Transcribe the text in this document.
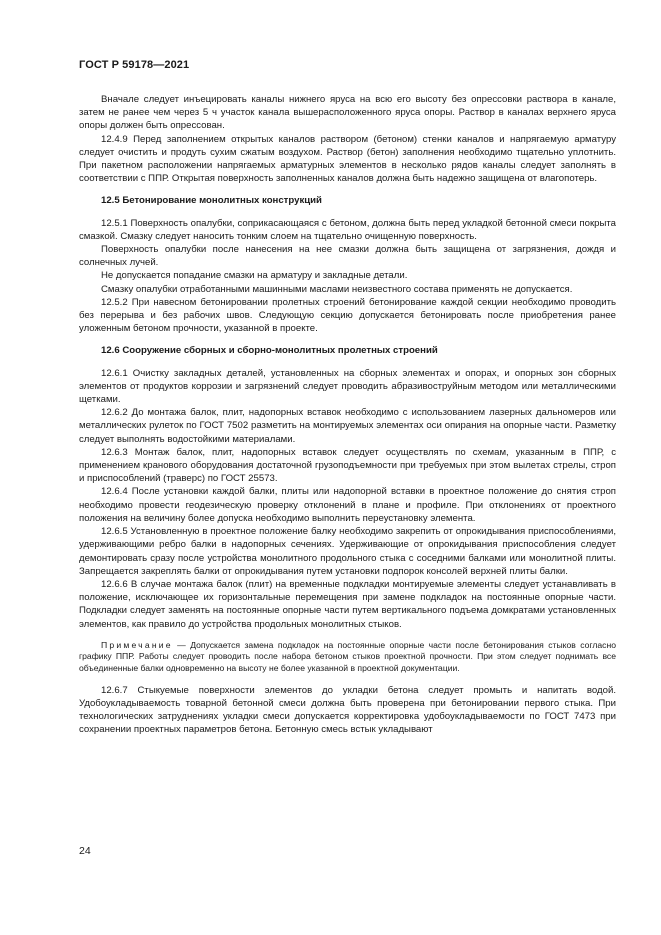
ГОСТ Р 59178—2021

Вначале следует инъецировать каналы нижнего яруса на всю его высоту без опрессовки раствора в канале, затем не ранее чем через 5 ч участок канала вышерасположенного яруса опоры. Раствор в каналах верхнего яруса опоры должен быть опрессован.

12.4.9 Перед заполнением открытых каналов раствором (бетоном) стенки каналов и напрягаемую арматуру следует очистить и продуть сухим сжатым воздухом. Раствор (бетон) заполнения необходимо тщательно уплотнить. При пакетном расположении напрягаемых арматурных элементов в несколько рядов каналы следует заполнять в соответствии с ППР. Открытая поверхность заполненных каналов должна быть надежно защищена от влагопотерь.

12.5 Бетонирование монолитных конструкций

12.5.1 Поверхность опалубки, соприкасающаяся с бетоном, должна быть перед укладкой бетонной смеси покрыта смазкой. Смазку следует наносить тонким слоем на тщательно очищенную поверхность.

Поверхность опалубки после нанесения на нее смазки должна быть защищена от загрязнения, дождя и солнечных лучей.

Не допускается попадание смазки на арматуру и закладные детали.

Смазку опалубки отработанными машинными маслами неизвестного состава применять не допускается.

12.5.2 При навесном бетонировании пролетных строений бетонирование каждой секции необходимо проводить без перерыва и без рабочих швов. Следующую секцию допускается бетонировать после приобретения ранее уложенным бетоном прочности, указанной в проекте.

12.6 Сооружение сборных и сборно-монолитных пролетных строений

12.6.1 Очистку закладных деталей, установленных на сборных элементах и опорах, и опорных зон сборных элементов от продуктов коррозии и загрязнений следует проводить абразивоструйным методом или металлическими щетками.

12.6.2 До монтажа балок, плит, надопорных вставок необходимо с использованием лазерных дальномеров или металлических рулеток по ГОСТ 7502 разметить на монтируемых элементах оси опирания на опорные части. Разметку следует выполнять водостойкими материалами.

12.6.3 Монтаж балок, плит, надопорных вставок следует осуществлять по схемам, указанным в ППР, с применением кранового оборудования достаточной грузоподъемности при требуемых при этом вылетах стрелы, строп и приспособлений (траверс) по ГОСТ 25573.

12.6.4 После установки каждой балки, плиты или надопорной вставки в проектное положение до снятия строп необходимо провести геодезическую проверку отклонений в плане и профиле. При отклонениях от проектного положения на величину более допуска необходимо выполнить переустановку элемента.

12.6.5 Установленную в проектное положение балку необходимо закрепить от опрокидывания приспособлениями, удерживающими ребро балки в надопорных сечениях. Удерживающие от опрокидывания приспособления следует демонтировать сразу после устройства монолитного продольного стыка с соседними балками или монолитной плиты. Запрещается закреплять балки от опрокидывания путем установки подпорок консолей верхней плиты балки.

12.6.6 В случае монтажа балок (плит) на временные подкладки монтируемые элементы следует устанавливать в положение, исключающее их горизонтальные перемещения при замене подкладок на постоянные опорные части. Подкладки следует заменять на постоянные опорные части путем вертикального подъема домкратами установленных элементов, как правило до устройства продольных монолитных стыков.

Примечание — Допускается замена подкладок на постоянные опорные части после бетонирования стыков согласно графику ППР. Работы следует проводить после набора бетоном стыков проектной прочности. При этом следует поднимать все объединенные балки одновременно на высоту не более указанной в проектной документации.

12.6.7 Стыкуемые поверхности элементов до укладки бетона следует промыть и напитать водой. Удобоукладываемость товарной бетонной смеси должна быть проверена при бетонировании первого стыка. При технологических затруднениях укладки смеси допускается корректировка удобоукладываемости по ГОСТ 7473 при сохранении проектных параметров бетона. Бетонную смесь встык укладывают

24
